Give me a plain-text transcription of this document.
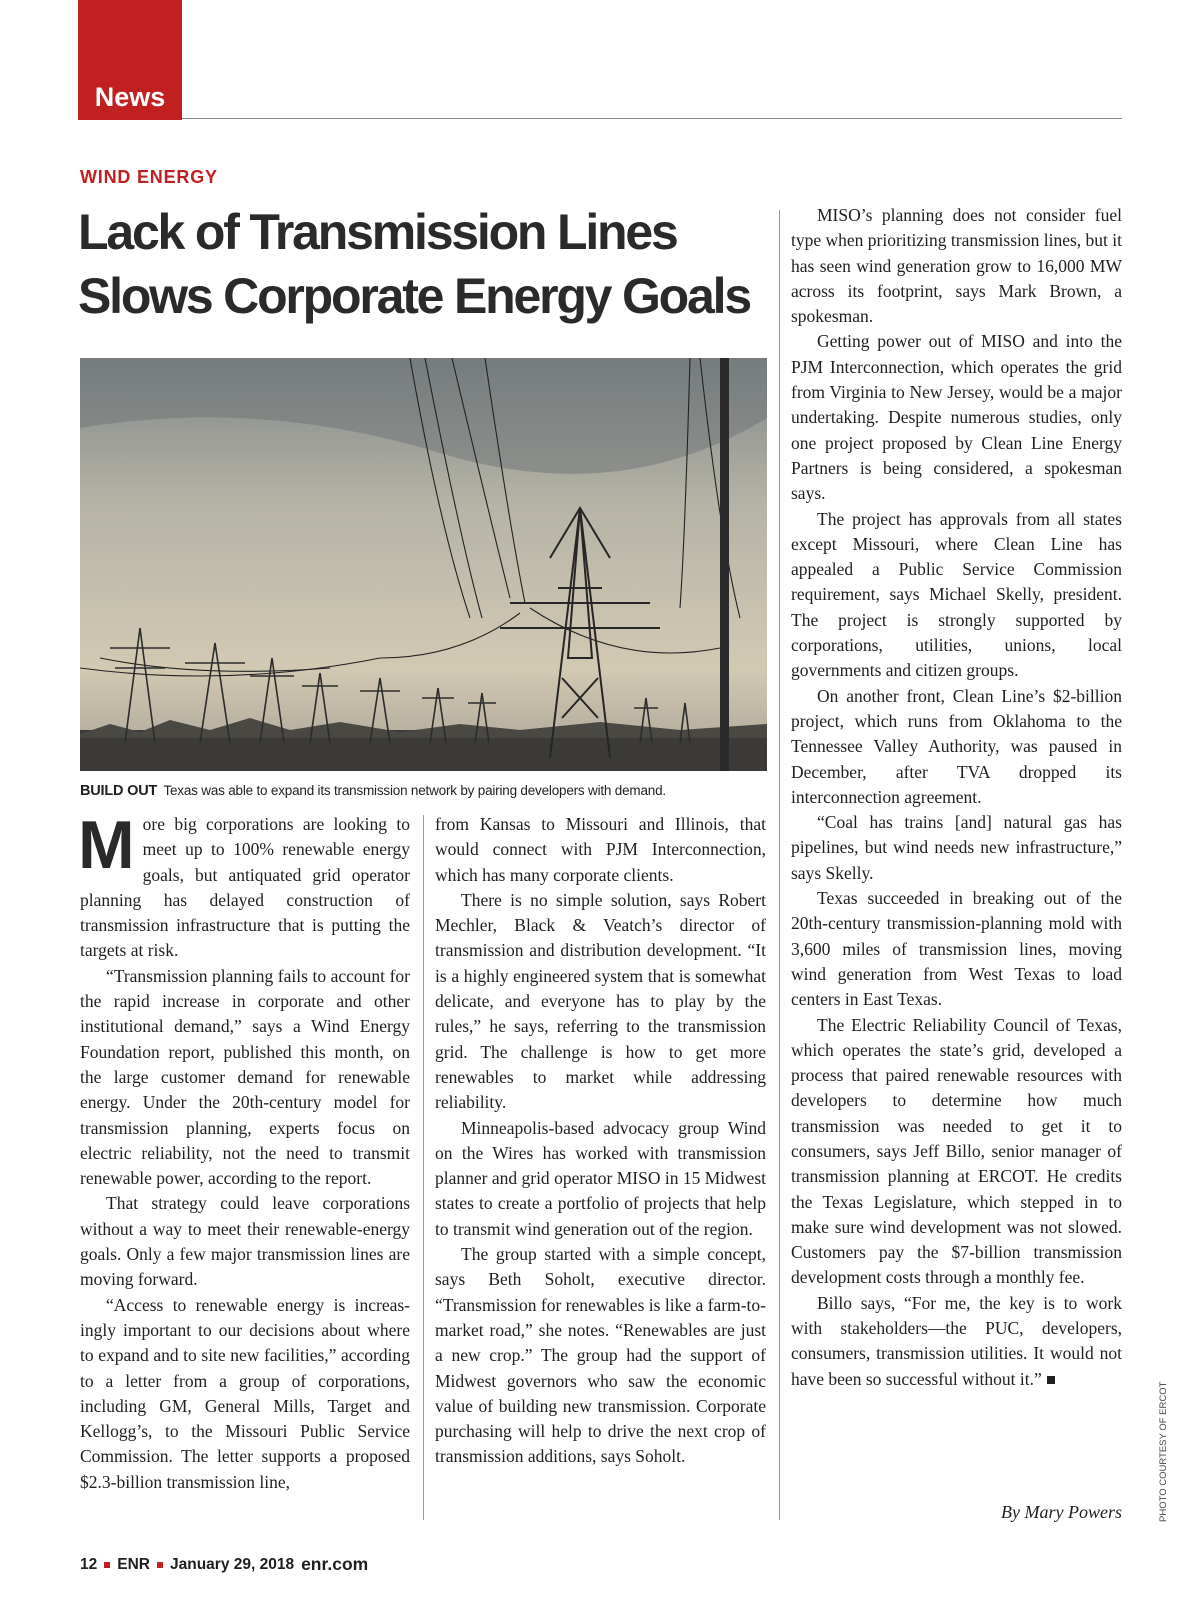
News
WIND ENERGY
Lack of Transmission Lines
Slows Corporate Energy Goals
BUILD OUT Texas was able to expand its transmission network by pairing developers with demand.

More big corporations are looking to meet up to 100% renewable energy goals, but antiquated grid operator planning has delayed construction of transmission infrastructure that is putting the targets at risk.

“Transmission planning fails to account for the rapid increase in corporate and other institutional demand,” says a Wind Energy Foundation report, published this month, on the large customer demand for renewable energy. Under the 20th-century model for transmission planning, experts focus on electric reliability, not the need to transmit renewable power, according to the report.

That strategy could leave corporations without a way to meet their renewable-energy goals. Only a few major transmission lines are moving forward.

“Access to renewable energy is increasingly important to our decisions about where to expand and to site new facilities,” according to a letter from a group of corporations, including GM, General Mills, Target and Kellogg’s, to the Missouri Public Service Commission. The letter supports a proposed $2.3-billion transmission line,

from Kansas to Missouri and Illinois, that would connect with PJM Interconnection, which has many corporate clients.

There is no simple solution, says Robert Mechler, Black & Veatch’s director of transmission and distribution development. “It is a highly engineered system that is somewhat delicate, and everyone has to play by the rules,” he says, referring to the transmission grid. The challenge is how to get more renewables to market while addressing reliability.

Minneapolis-based advocacy group Wind on the Wires has worked with transmission planner and grid operator MISO in 15 Midwest states to create a portfolio of projects that help to transmit wind generation out of the region.

The group started with a simple concept, says Beth Soholt, executive director. “Transmission for renewables is like a farm-to-market road,” she notes. “Renewables are just a new crop.” The group had the support of Midwest governors who saw the economic value of building new transmission. Corporate purchasing will help to drive the next crop of transmission additions, says Soholt.

MISO’s planning does not consider fuel type when prioritizing transmission lines, but it has seen wind generation grow to 16,000 MW across its footprint, says Mark Brown, a spokesman.

Getting power out of MISO and into the PJM Interconnection, which operates the grid from Virginia to New Jersey, would be a major undertaking. Despite numerous studies, only one project proposed by Clean Line Energy Partners is being considered, a spokesman says.

The project has approvals from all states except Missouri, where Clean Line has appealed a Public Service Commission requirement, says Michael Skelly, president. The project is strongly supported by corporations, utilities, unions, local governments and citizen groups.

On another front, Clean Line’s $2-billion project, which runs from Oklahoma to the Tennessee Valley Authority, was paused in December, after TVA dropped its interconnection agreement.

“Coal has trains [and] natural gas has pipelines, but wind needs new infrastructure,” says Skelly.

Texas succeeded in breaking out of the 20th-century transmission-planning mold with 3,600 miles of transmission lines, moving wind generation from West Texas to load centers in East Texas.

The Electric Reliability Council of Texas, which operates the state’s grid, developed a process that paired renewable resources with developers to determine how much transmission was needed to get it to consumers, says Jeff Billo, senior manager of transmission planning at ERCOT. He credits the Texas Legislature, which stepped in to make sure wind development was not slowed. Customers pay the $7-billion transmission development costs through a monthly fee.

Billo says, “For me, the key is to work with stakeholders—the PUC, developers, consumers, transmission utilities. It would not have been so successful without it.”

By Mary Powers	PHOTO COURTESY OF ERCOT
12 ENR January 29, 2018 enr.com
